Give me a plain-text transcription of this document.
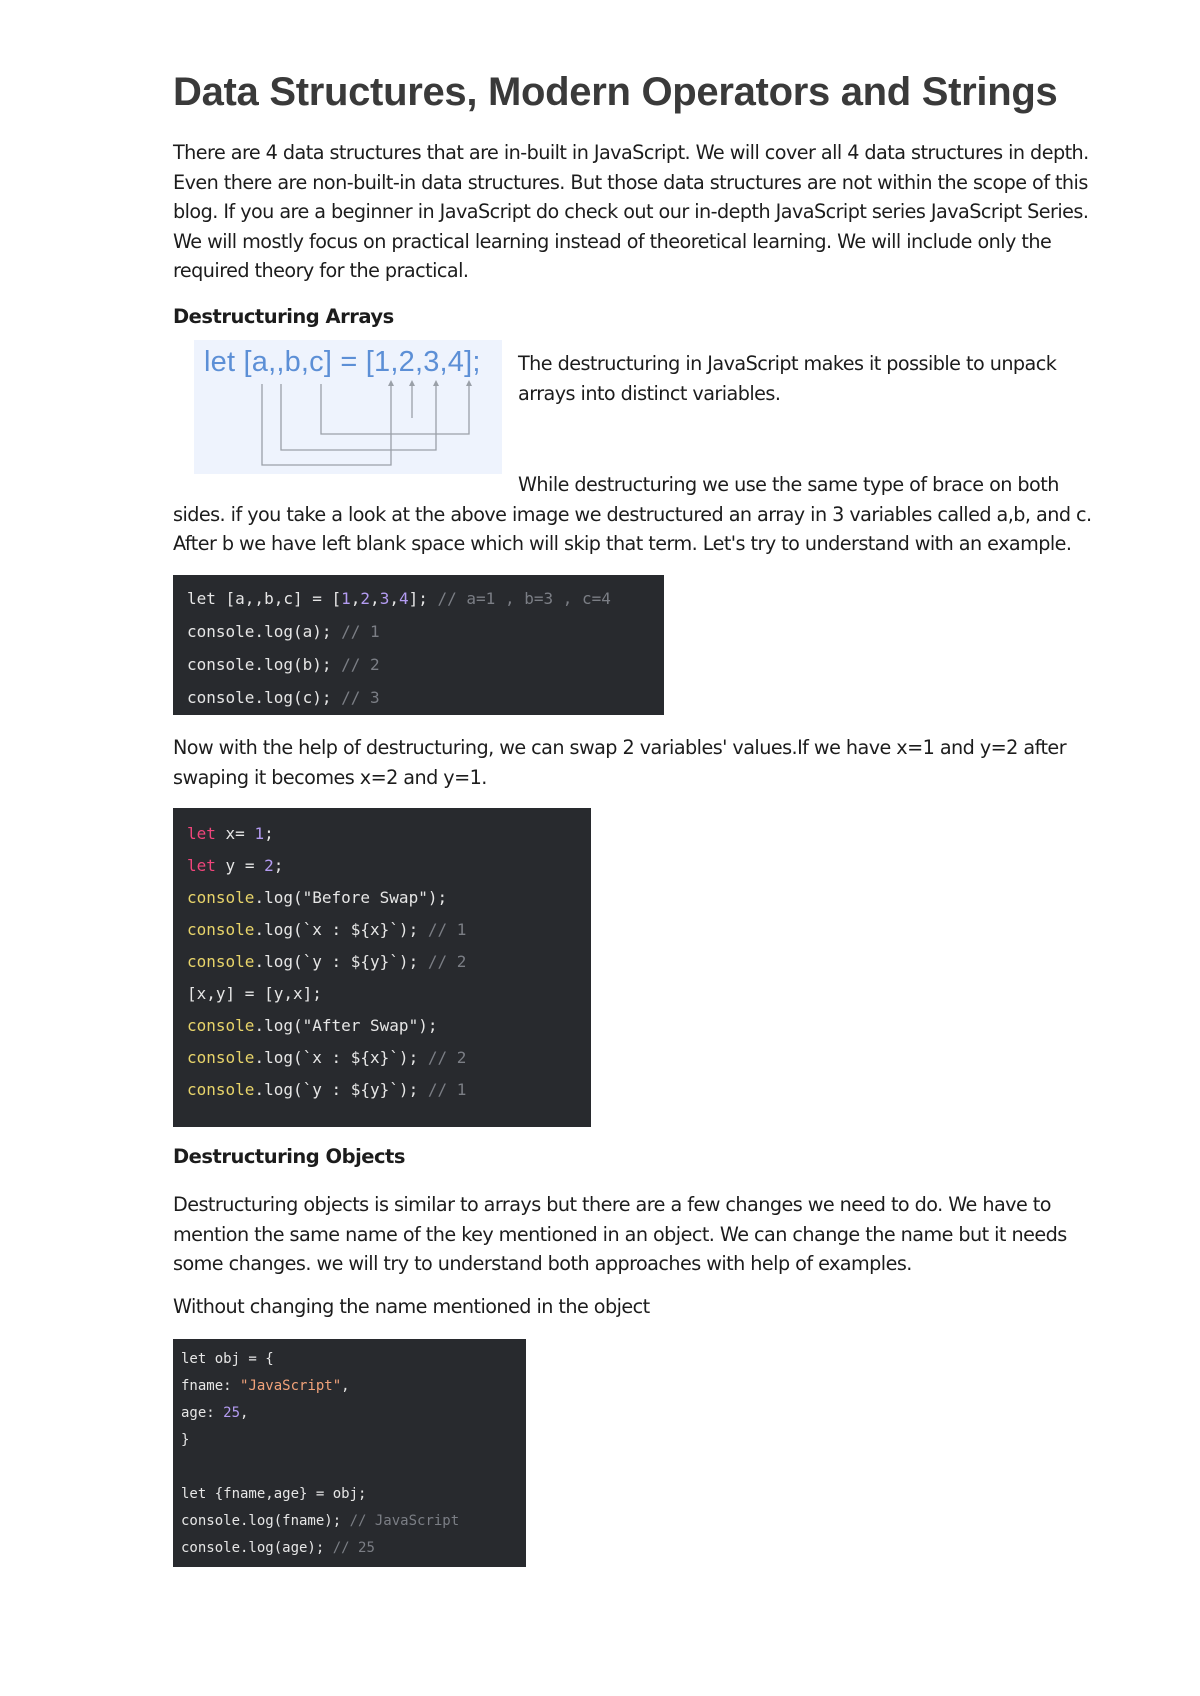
Data Structures, Modern Operators and Strings

There are 4 data structures that are in-built in JavaScript. We will cover all 4 data structures in depth.
Even there are non-built-in data structures. But those data structures are not within the scope of this
blog. If you are a beginner in JavaScript do check out our in-depth JavaScript series JavaScript Series.
We will mostly focus on practical learning instead of theoretical learning. We will include only the
required theory for the practical.

Destructuring Arrays
let [a,,b,c] = [1,2,3,4]; The destructuring in JavaScript makes it possible to unpack
arrays into distinct variables.

While destructuring we use the same type of brace on both
sides. if you take a look at the above image we destructured an array in 3 variables called a,b, and c.
After b we have left blank space which will skip that term. Let's try to understand with an example.

let [a,,b,c] = [1,2,3,4]; // a=1 , b=3 , c=4
console.log(a); // 1
console.log(b); // 2
console.log(c); // 3

Now with the help of destructuring, we can swap 2 variables' values.If we have x=1 and y=2 after
swaping it becomes x=2 and y=1.

let x= 1;
let y = 2;
console.log("Before Swap");
console.log(`x : ${x}`); // 1
console.log(`y : ${y}`); // 2
[x,y] = [y,x];
console.log("After Swap");
console.log(`x : ${x}`); // 2
console.log(`y : ${y}`); // 1
Destructuring Objects

Destructuring objects is similar to arrays but there are a few changes we need to do. We have to
mention the same name of the key mentioned in an object. We can change the name but it needs
some changes. we will try to understand both approaches with help of examples.

Without changing the name mentioned in the object

let obj = {
fname: "JavaScript",
age: 25,
}
let {fname,age} = obj;
console.log(fname); // JavaScript
console.log(age); // 25
